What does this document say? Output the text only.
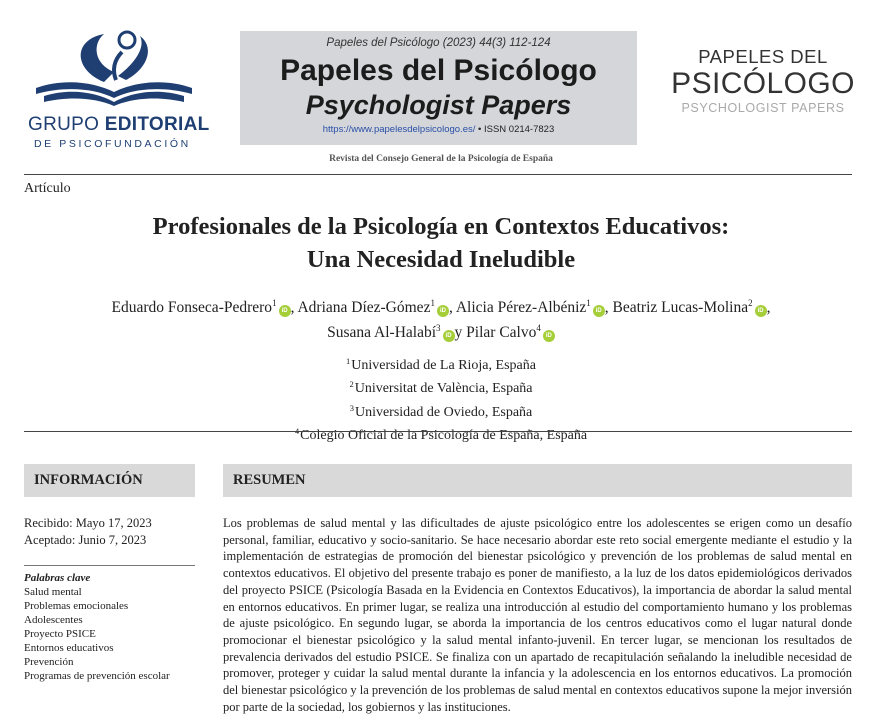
GRUPO EDITORIAL
DE PSICOFUNDACIÓN
Papeles del Psicólogo (2023) 44(3) 112-124
Papeles del Psicólogo
Psychologist Papers
https://www.papelesdelpsicologo.es/ • ISSN 0214-7823
PAPELES DEL
PSICÓLOGO
PSYCHOLOGIST PAPERS
Revista del Consejo General de la Psicología de España
Artículo
Profesionales de la Psicología en Contextos Educativos:
Una Necesidad Ineludible
Eduardo Fonseca-Pedrero$^1$iD , Adriana Díez-Gómez$^1$iD , Alicia Pérez-Albéniz$^1$iD , Beatriz Lucas-Molina$^2$iD ,
Susana Al-Halabí$^3$iD y Pilar Calvo$^4$iD
$^1$Universidad de La Rioja, España
$^2$Universitat de València, España
$^3$Universidad de Oviedo, España
$^4$Colegio Oficial de la Psicología de España, España
INFORMACIÓN
Recibido: Mayo 17, 2023
Aceptado: Junio 7, 2023
Palabras clave
Salud mental
Problemas emocionales
Adolescentes
Proyecto PSICE
Entornos educativos
Prevención
Programas de prevención escolar
RESUMEN
Los problemas de salud mental y las dificultades de ajuste psicológico entre los adolescentes se erigen como un desafío personal, familiar, educativo y socio-sanitario. Se hace necesario abordar este reto social emergente mediante el estudio y la implementación de estrategias de promoción del bienestar psicológico y prevención de los problemas de salud mental en contextos educativos. El objetivo del presente trabajo es poner de manifiesto, a la luz de los datos epidemiológicos derivados del proyecto PSICE (Psicología Basada en la Evidencia en Contextos Educativos), la importancia de abordar la salud mental en entornos educativos. En primer lugar, se realiza una introducción al estudio del comportamiento humano y los problemas de ajuste psicológico. En segundo lugar, se aborda la importancia de los centros educativos como el lugar natural donde promocionar el bienestar psicológico y la salud mental infanto-juvenil. En tercer lugar, se mencionan los resultados de prevalencia derivados del estudio PSICE. Se finaliza con un apartado de recapitulación señalando la ineludible necesidad de promover, proteger y cuidar la salud mental durante la infancia y la adolescencia en los entornos educativos. La promoción del bienestar psicológico y la prevención de los problemas de salud mental en contextos educativos supone la mejor inversión por parte de la sociedad, los gobiernos y las instituciones.
